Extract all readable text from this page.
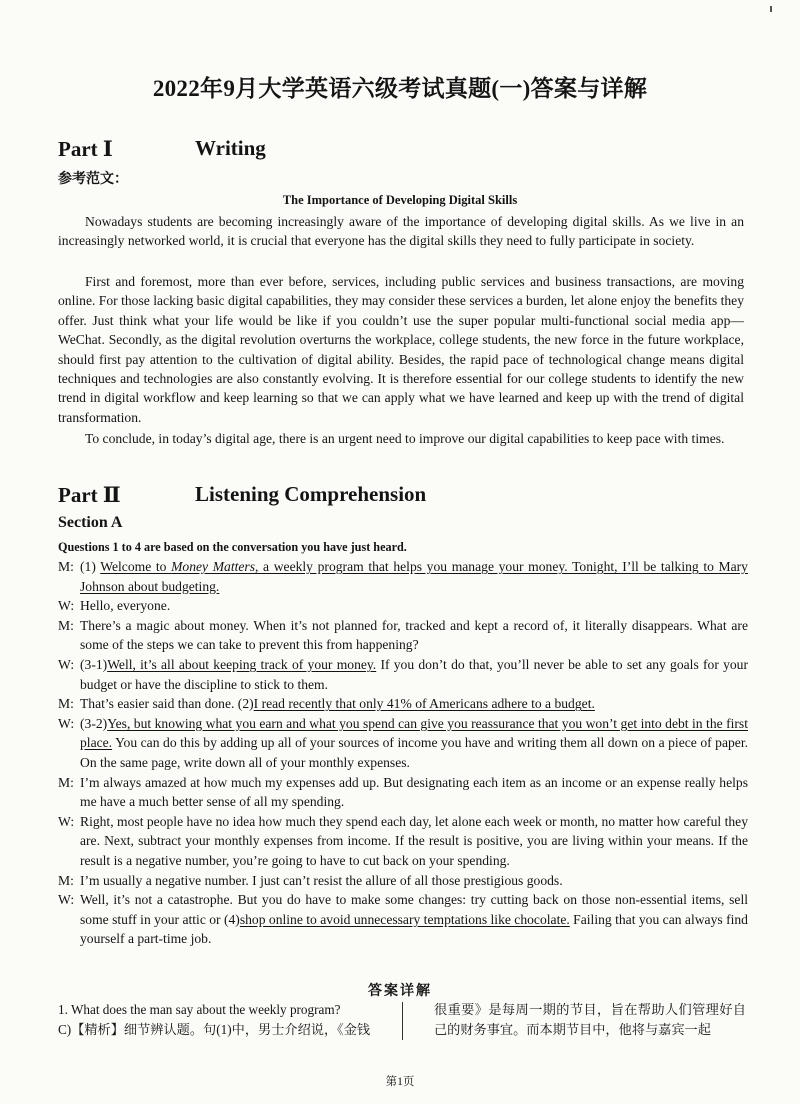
2022年9月大学英语六级考试真题(一)答案与详解
Part Ⅰ	Writing
参考范文：
The Importance of Developing Digital Skills

Nowadays students are becoming increasingly aware of the importance of developing digital skills. As we live in an increasingly networked world, it is crucial that everyone has the digital skills they need to fully participate in society.

First and foremost, more than ever before, services, including public services and business transactions, are moving online. For those lacking basic digital capabilities, they may consider these services a burden, let alone enjoy the benefits they offer. Just think what your life would be like if you couldn’t use the super popular multi-functional social media app—WeChat. Secondly, as the digital revolution overturns the workplace, college students, the new force in the future workplace, should first pay attention to the cultivation of digital ability. Besides, the rapid pace of technological change means digital techniques and technologies are also constantly evolving. It is therefore essential for our college students to identify the new trend in digital workflow and keep learning so that we can apply what we have learned and keep up with the trend of digital transformation.

To conclude, in today’s digital age, there is an urgent need to improve our digital capabilities to keep pace with times.

Part Ⅱ	Listening Comprehension
Section A
Questions 1 to 4 are based on the conversation you have just heard.
M: (1) Welcome to Money Matters, a weekly program that helps you manage your money. Tonight, I’ll be talking to Mary Johnson about budgeting.
W: Hello, everyone.
M: There’s a magic about money. When it’s not planned for, tracked and kept a record of, it literally disappears. What are some of the steps we can take to prevent this from happening?
W: (3-1)Well, it’s all about keeping track of your money. If you don’t do that, you’ll never be able to set any goals for your budget or have the discipline to stick to them.
M: That’s easier said than done. (2)I read recently that only 41% of Americans adhere to a budget.
W: (3-2)Yes, but knowing what you earn and what you spend can give you reassurance that you won’t get into debt in the first place. You can do this by adding up all of your sources of income you have and writing them all down on a piece of paper. On the same page, write down all of your monthly expenses.
M: I’m always amazed at how much my expenses add up. But designating each item as an income or an expense really helps me have a much better sense of all my spending.
W: Right, most people have no idea how much they spend each day, let alone each week or month, no matter how careful they are. Next, subtract your monthly expenses from income. If the result is positive, you are living within your means. If the result is a negative number, you’re going to have to cut back on your spending.
M: I’m usually a negative number. I just can’t resist the allure of all those prestigious goods.
W: Well, it’s not a catastrophe. But you do have to make some changes: try cutting back on those non-essential items, sell some stuff in your attic or (4)shop online to avoid unnecessary temptations like chocolate. Failing that you can always find yourself a part-time job.
答案详解
1. What does the man say about the weekly program?
C)【精析】细节辨认题。句(1)中，男士介绍说，《金钱
很重要》是每周一期的节目，旨在帮助人们管理好自己的财务事宜。而本期节目中，他将与嘉宾一起
第1页
